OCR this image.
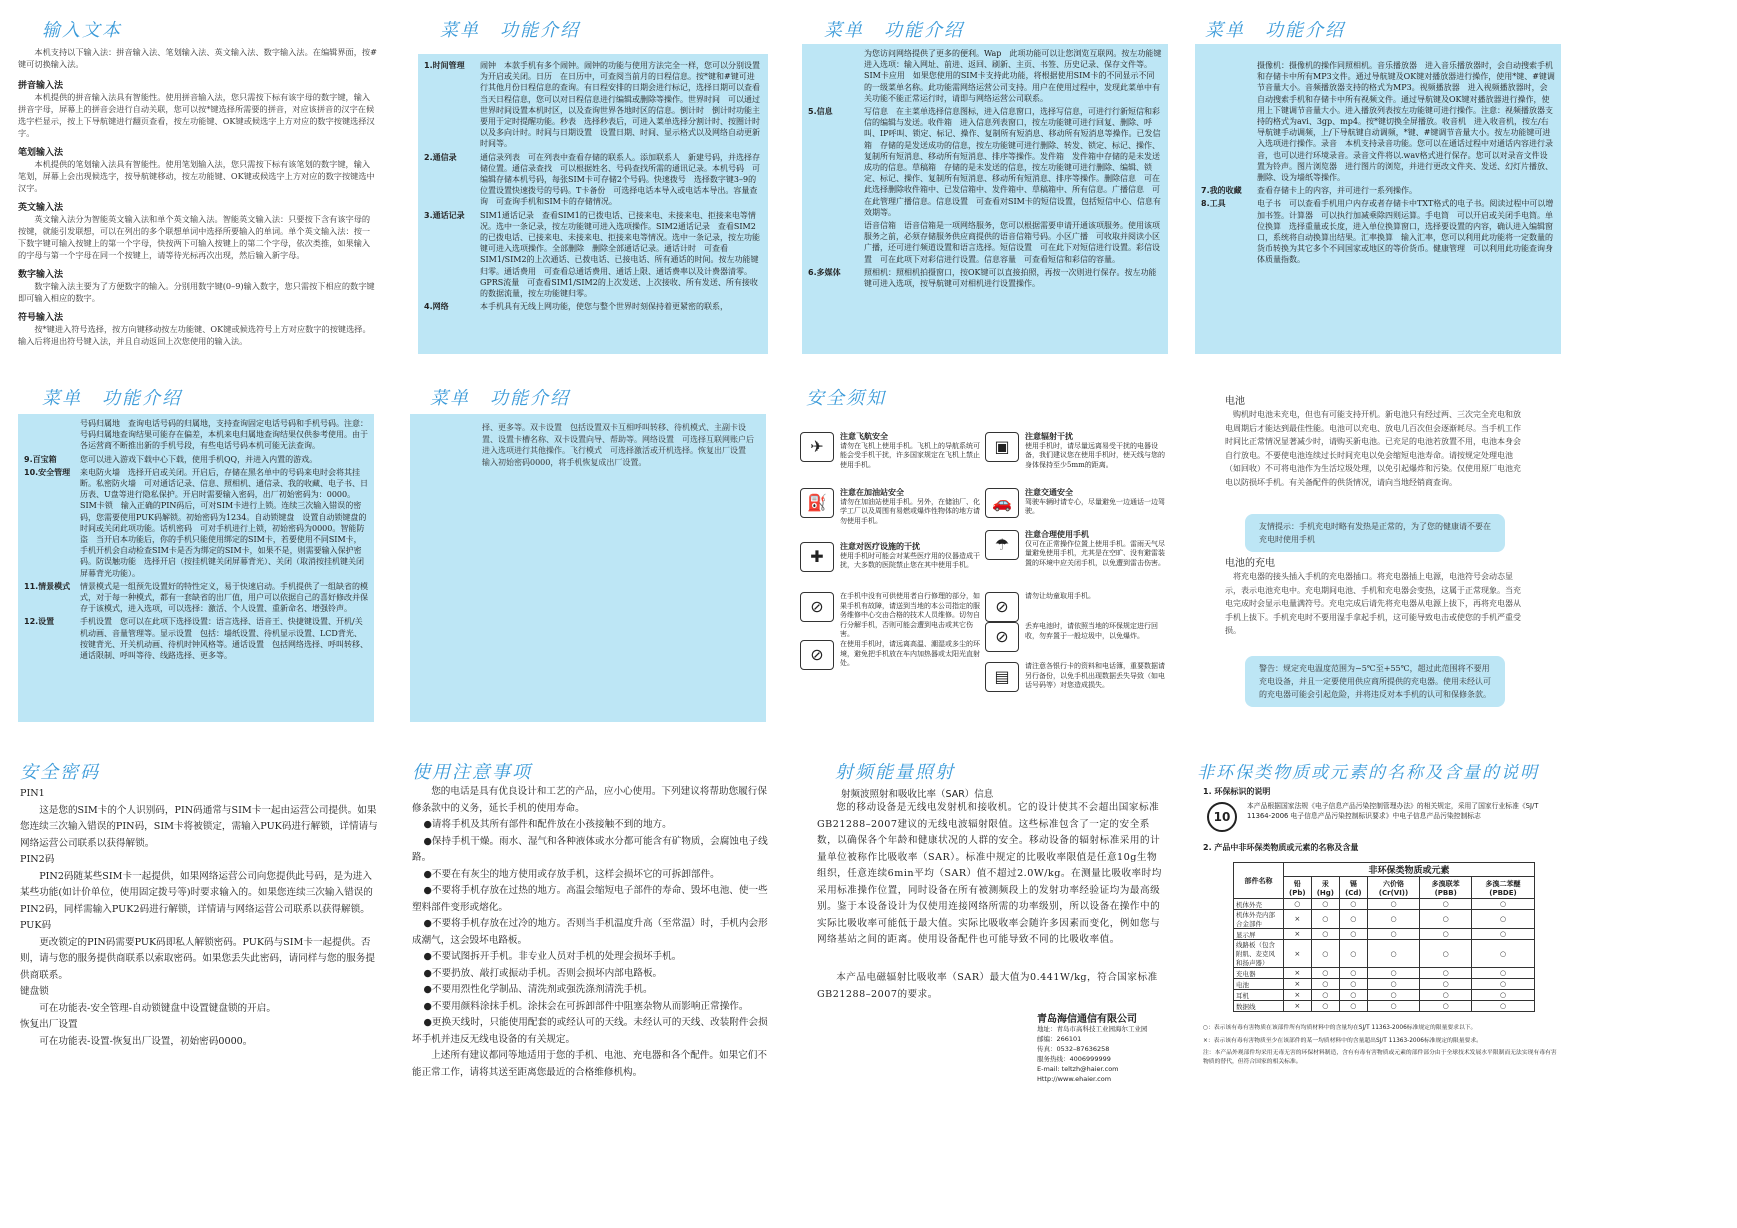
输入文本
本机支持以下输入法：拼音输入法、笔划输入法、英文输入法、数字输入法。在编辑界面，按#键可切换输入法。
拼音输入法
本机提供的拼音输入法具有智能性。使用拼音输入法，您只需按下标有该字母的数字键，输入拼音字母，屏幕上的拼音会进行自动关联，您可以按*键选择所需要的拼音，对应该拼音的汉字在候选字栏显示，按上下导航键进行翻页查看，按左功能键、OK键或候选字上方对应的数字按键选择汉字。
笔划输入法
本机提供的笔划输入法具有智能性。使用笔划输入法，您只需按下标有该笔划的数字键，输入笔划，屏幕上会出现候选字，按导航键移动，按左功能键、OK键或候选字上方对应的数字按键选中汉字。
英文输入法
英文输入法分为智能英文输入法和单个英文输入法。智能英文输入法：只要按下含有该字母的按键，就能引发联想，可以在列出的多个联想单词中选择所要输入的单词。单个英文输入法：按一下数字键可输入按键上的第一个字母，快按两下可输入按键上的第二个字母，依次类推，如果输入的字母与第一个字母在同一个按键上，请等待光标再次出现，然后输入新字母。
数字输入法
数字输入法主要为了方便数字的输入。分别用数字键(0–9)输入数字，您只需按下相应的数字键即可输入相应的数字。
符号输入法
按*键进入符号选择，按方向键移动按左功能键、OK键或候选符号上方对应数字的按键选择。输入后将退出符号键入法，并且自动返回上次您使用的输入法。
菜单　功能介绍
1.时间管理	闹钟　本款手机有多个闹钟。闹钟的功能与使用方法完全一样，您可以分别设置为开启或关闭。日历　在日历中，可查阅当前月的日程信息。按*键和#键可进行其他月份日程信息的查询。有日程安排的日期会进行标记，选择日期可以查看当天日程信息，您可以对日程信息进行编辑或删除等操作。世界时间　可以通过世界时间设置本机时区，以及查询世界各地时区的信息。倒计时　倒计时功能主要用于定时提醒功能。秒表　选择秒表后，可进入菜单选择分割计时、按圈计时以及多向计时。时间与日期设置　设置日期、时间、显示格式以及网络自动更新时间等。
2.通信录	通信录列表　可在列表中查看存储的联系人。添加联系人　新建号码，并选择存储位置。通信录查找　可以根据姓名、号码查找所需的通讯记录。本机号码　可编辑存储本机号码，每张SIM卡可存储2个号码。快速拨号　选择数字键3–9的位置设置快速拨号的号码。T卡备份　可选择电话本导入或电话本导出。容量查询　可查询手机和SIM卡的存储情况。
3.通话记录	SIM1通话记录　查看SIM1的已拨电话、已接来电、未接来电、拒接来电等情况。选中一条记录，按左功能键可进入选项操作。SIM2通话记录　查看SIM2的已拨电话、已接来电、未接来电、拒接来电等情况。选中一条记录，按左功能键可进入选项操作。全部删除　删除全部通话记录。通话计时　可查看SIM1/SIM2的上次通话、已拨电话、已接电话、所有通话的时间。按左功能键归零。通话费用　可查看总通话费用、通话上限、通话费率以及计费器清零。GPRS流量　可查看SIM1/SIM2的上次发送、上次接收、所有发送、所有接收的数据流量，按左功能键归零。
4.网络	本手机具有无线上网功能，使您与整个世界时刻保持着更紧密的联系，
菜单　功能介绍
为您访问网络提供了更多的便利。Wap　此项功能可以让您浏览互联网。按左功能键进入选项：输入网址、前进、返回、刷新、主页、书签、历史记录、保存文件等。SIM卡应用　如果您使用的SIM卡支持此功能，将根据使用SIM卡的不同显示不同的一级菜单名称。此功能需网络运营公司支持。用户在使用过程中，发现此菜单中有关功能不能正常运行时，请即与网络运营公司联系。
5.信息	写信息　在主菜单选择信息图标，进入信息窗口，选择写信息，可进行行新短信和彩信的编辑与发送。收件箱　进入信息列表窗口，按左功能键可进行回复、删除、呼叫、IP呼叫、锁定、标记、操作、复制所有短消息、移动所有短消息等操作。已发信箱　存储的是发送成功的信息，按左功能键可进行删除、转发、锁定、标记、操作、复制所有短消息、移动所有短消息、排序等操作。发件箱　发件箱中存储的是未发送成功的信息。草稿箱　存储的是未发送的信息，按左功能键可进行删除、编辑、锁定、标记、操作、复制所有短消息、移动所有短消息、排序等操作。删除信息　可在此选择删除收件箱中、已发信箱中、发件箱中、草稿箱中、所有信息。广播信息　可在此管理广播信息。信息设置　可查看对SIM卡的短信设置，包括短信中心、信息有效期等。
语音信箱　语音信箱是一项网络服务，您可以根据需要申请开通该项服务。使用该项服务之前，必须存储服务供应商提供的语音信箱号码。小区广播　可收取并阅读小区广播，还可进行频道设置和语言选择。短信设置　可在此下对短信进行设置。彩信设置　可在此项下对彩信进行设置。信息容量　可查看短信和彩信的容量。
6.多媒体	照相机：照相机拍摄窗口，按OK键可以直接拍照，再按一次则进行保存。按左功能键可进入选项，按导航键可对相机进行设置操作。
菜单　功能介绍
摄像机：摄像机的操作同照相机。音乐播放器　进入音乐播放器时，会自动搜索手机和存储卡中所有MP3文件。通过导航键及OK键对播放器进行操作，使用*键、#键调节音量大小。音频播放器支持的格式为MP3。视频播放器　进入视频播放器时，会自动搜索手机和存储卡中所有视频文件。通过导航键及OK键对播放器进行操作，使用上下键调节音量大小。进入播放列表按左功能键可进行操作。注意：视频播放器支持的格式为avi、3gp、mp4。按*键切换全屏播放。收音机　进入收音机，按左/右导航键手动调频，上/下导航键自动调频，*键、#键调节音量大小。按左功能键可进入选项进行操作。录音　本机支持录音功能。您可以在通话过程中对通话内容进行录音，也可以进行环境录音。录音文件将以.wav格式进行保存。您可以对录音文件设置为铃声。图片浏览器　进行图片的浏览，并进行更改文件夹、发送、幻灯片播放、删除、设为墙纸等操作。
7.我的收藏	查看存储卡上的内容，并可进行一系列操作。
8.工具	电子书　可以查看手机用户内存或者存储卡中TXT格式的电子书。阅读过程中可以增加书签。计算器　可以执行加减乘除四则运算。手电筒　可以开启或关闭手电筒。单位换算　选择重量或长度，进入单位换算窗口，选择要设置的内容，确认进入编辑窗口，系统将自动换算出结果。汇率换算　输入汇率，您可以利用此功能将一定数量的货币转换为其它多个不同国家或地区的等价货币。健康管理　可以利用此功能查询身体质量指数。
菜单　功能介绍
号码归属地　查询电话号码的归属地，支持查询固定电话号码和手机号码。注意：号码归属地查询结果可能存在偏差，本机来电归属地查询结果仅供参考使用。由于各运营商不断推出新的手机号段，有些电话号码本机可能无法查询。
9.百宝箱	您可以进入游戏下载中心下载，使用手机QQ，并进入内置的游戏。
10.安全管理	来电防火墙　选择开启或关闭。开启后，存储在黑名单中的号码来电时会将其挂断。私密防火墙　可对通话记录、信息、照相机、通信录、我的收藏、电子书、日历表、U盘等进行隐私保护。开启时需要输入密码，出厂初始密码为：0000。SIM卡锁　输入正确的PIN码后，可对SIM卡进行上锁。连续三次输入错误的密码，您需要使用PUK码解锁。初始密码为1234。自动锁键盘　设置自动锁键盘的时间或关闭此项功能。话机密码　可对手机进行上锁，初始密码为0000。智能防盗　当开启本功能后，你的手机只能使用绑定的SIM卡，若要使用不同SIM卡，手机开机会自动检查SIM卡是否为绑定的SIM卡，如果不是，则需要输入保护密码。防误触功能　选择开启（按挂机键关闭屏幕背光）、关闭（取消按挂机键关闭屏幕背光功能）。
11.情景模式	情景模式是一组预先设置好的特性定义，易于快速启动。手机提供了一组缺省的模式，对于每一种模式，都有一套缺省的出厂值，用户可以依据自己的喜好修改并保存于该模式，进入选项，可以选择：激活、个人设置、重新命名、增强铃声。
12.设置	手机设置　您可以在此项下选择设置：语言选择、语音王、快捷键设置、开机/关机动画、音量管理等。显示设置　包括：墙纸设置、待机显示设置、LCD背光、按键背光、开关机动画、待机时钟风格等。通话设置　包括网络选择、呼叫转移、通话限制、呼叫等待、线路选择、更多等。
菜单　功能介绍
择、更多等。双卡设置　包括设置双卡互相呼叫转移、待机模式、主副卡设置、设置卡槽名称、双卡设置向导、帮助等。网络设置　可选择互联网账户后进入选项进行其他操作。飞行模式　可选择激活或开机选择。恢复出厂设置　输入初始密码0000，将手机恢复成出厂设置。
安全须知
✈
注意飞航安全
请勿在飞机上使用手机。飞机上的导航系统可能会受手机干扰，许多国家规定在飞机上禁止使用手机。
▣
注意辐射干扰
使用手机时，请尽量远离易受干扰的电器设备，我们建议您在使用手机时，使天线与您的身体保持至少5mm的距离。
⛽
注意在加油站安全
请勿在加油站使用手机。另外，在储油厂、化学工厂以及周围有易燃或爆炸性物体的地方请勿使用手机。
🚗
注意交通安全
驾驶车辆时请专心，尽量避免一边通话一边驾驶。
✚
注意对医疗设施的干扰
使用手机时可能会对某些医疗用的仪器造成干扰，大多数的医院禁止您在其中使用手机。
☂
注意合理使用手机
仅可在正常操作位置上使用手机。雷雨天气尽量避免使用手机，尤其是在空旷、没有避雷装置的环境中应关闭手机，以免遭到雷击伤害。
⊘
在手机中没有可供使用者自行修理的部分，如果手机有故障，请送到当地的本公司指定的服务维修中心交由合格的技术人员维修。切勿自行分解手机，否则可能会遭到电击或其它伤害。
⊘
请勿让幼童取用手机。
⊘
在使用手机时，请远离高温、潮湿或多尘的环境，避免把手机放在车内加热器或太阳光直射处。
⊘
丢弃电池时，请依照当地的环保规定进行回收，勿弃置于一般垃圾中，以免爆炸。
▤
请注意各银行卡的资料和电话簿，重要数据请另行备份，以免手机出现数据丢失导致（如电话号码等）对您造成损失。
电池
购机时电池未充电，但也有可能支持开机。新电池只有经过两、三次完全充电和放电周期后才能达到最佳性能。电池可以充电、放电几百次但会逐渐耗尽。当手机工作时间比正常情况显著减少时，请购买新电池。已充足的电池若放置不用，电池本身会自行放电。不要使电池连续过长时间充电以免会缩短电池寿命。请按规定处理电池（如回收）不可将电池作为生活垃圾处理，以免引起爆炸和污染。仅使用原厂电池充电以防损坏手机。有关备配件的供货情况，请向当地经销商查询。
友情提示：手机充电时略有发热是正常的，为了您的健康请不要在充电时使用手机
电池的充电
将充电器的接头插入手机的充电器插口。将充电器插上电源，电池符号会动态显示，表示电池充电中。充电期间电池、手机和充电器会变热，这属于正常现象。当充电完成时会显示电量满符号。充电完成后请先将充电器从电源上拔下，再将充电器从手机上拔下。手机充电时不要用湿手拿起手机，这可能导致电击或使您的手机严重受损。
警告：规定充电温度范围为−5℃至+55℃，超过此范围将不要用充电设备，并且一定要使用供应商所提供的充电器。使用未经认可的充电器可能会引起危险，并将违反对本手机的认可和保修条款。
安全密码
PIN1
这是您的SIM卡的个人识别码，PIN码通常与SIM卡一起由运营公司提供。如果您连续三次输入错误的PIN码，SIM卡将被锁定，需输入PUK码进行解锁，详情请与网络运营公司联系以获得解锁。
PIN2码
PIN2码随某些SIM卡一起提供，如果网络运营公司向您提供此号码，是为进入某些功能(如计价单位，使用固定拨号等)时要求输入的。如果您连续三次输入错误的PIN2码，同样需输入PUK2码进行解锁，详情请与网络运营公司联系以获得解锁。
PUK码
更改锁定的PIN码需要PUK码即私人解锁密码。PUK码与SIM卡一起提供。否则，请与您的服务提供商联系以索取密码。如果您丢失此密码，请同样与您的服务提供商联系。
键盘锁
可在功能表-安全管理-自动锁键盘中设置键盘锁的开启。
恢复出厂设置
可在功能表-设置-恢复出厂设置，初始密码0000。
使用注意事项
您的电话是具有优良设计和工艺的产品，应小心使用。下列建议将帮助您履行保修条款中的义务，延长手机的使用寿命。
●请将手机及其所有部件和配件放在小孩接触不到的地方。
●保持手机干燥。雨水、湿气和各种液体或水分都可能含有矿物质，会腐蚀电子线路。
●不要在有灰尘的地方使用或存放手机，这样会损坏它的可拆卸部件。
●不要将手机存放在过热的地方。高温会缩短电子部件的寿命、毁坏电池、使一些塑料部件变形或熔化。
●不要将手机存放在过冷的地方。否则当手机温度升高（至常温）时，手机内会形成潮气，这会毁坏电路板。
●不要试图拆开手机。非专业人员对手机的处理会损坏手机。
●不要扔放、敲打或振动手机。否则会损坏内部电路板。
●不要用烈性化学制品、清洗剂或强洗涤剂清洗手机。
●不要用颜料涂抹手机。涂抹会在可拆卸部件中阻塞杂物从而影响正常操作。
●更换天线时，只能使用配套的或经认可的天线。未经认可的天线、改装附件会损坏手机并违反无线电设备的有关规定。
上述所有建议都同等地适用于您的手机、电池、充电器和各个配件。如果它们不能正常工作，请将其送至距离您最近的合格维修机构。
射频能量照射
射频波照射和吸收比率（SAR）信息
您的移动设备是无线电发射机和接收机。它的设计使其不会超出国家标准GB21288–2007建议的无线电波辐射限值。这些标准包含了一定的安全系数，以确保各个年龄和健康状况的人群的安全。移动设备的辐射标准采用的计量单位被称作比吸收率（SAR）。标准中规定的比吸收率限值是任意10g生物组织，任意连续6min平均（SAR）值不超过2.0W/kg。在测量比吸收率时均采用标准操作位置，同时设备在所有被测频段上的发射功率经验证均为最高级别。鉴于本设备设计为仅使用连接网络所需的功率级别，所以设备在操作中的实际比吸收率可能低于最大值。实际比吸收率会随许多因素而变化，例如您与网络基站之间的距离。使用设备配件也可能导致不同的比吸收率值。
本产品电磁辐射比吸收率（SAR）最大值为0.441W/kg，符合国家标准GB21288–2007的要求。
青岛海信通信有限公司
地址：青岛市高科技工业园海尔工业园
邮编：266101
传真：0532–87636258
服务热线：4006999999
E-mail: teltzh@haier.com
Http://www.ehaier.com
非环保类物质或元素的名称及含量的说明
1. 环保标识的说明
10
本产品根据国家法规《电子信息产品污染控制管理办法》的相关规定，采用了国家行业标准《SJ/T 11364-2006 电子信息产品污染控制标识要求》中电子信息产品污染控制标志
2. 产品中非环保类物质或元素的名称及含量
部件名称	非环保类物质或元素					
	铅(Pb)	汞(Hg)	镉(Cd)	六价铬(Cr(VI))	多溴联苯(PBB)	多溴二苯醚(PBDE)
机体外壳	○	○	○	○	○	○
机体外壳内部合金部件	×	○	○	○	○	○
显示屏	×	○	○	○	○	○
线路板（包含附肌、麦克风和扬声器）	×	○	○	○	○	○
充电器	×	○	○	○	○	○
电池	×	○	○	○	○	○
耳机	×	○	○	○	○	○
数据线	×	○	○	○	○	○
○：表示该有毒有害物质在该部件所有均质材料中的含量均在SJ/T 11363-2006标准规定的限量要求以下。
×：表示该有毒有害物质至少在该部件的某一均质材料中的含量超出SJ/T 11363-2006标准规定的限量要求。
注：本产品外观部件均采用无毒无害的环保材料制造，含有有毒有害物质或元素的部件部分由于全球技术发展水平限制而无法实现有毒有害物质的替代，但符合国家的相关标准。
